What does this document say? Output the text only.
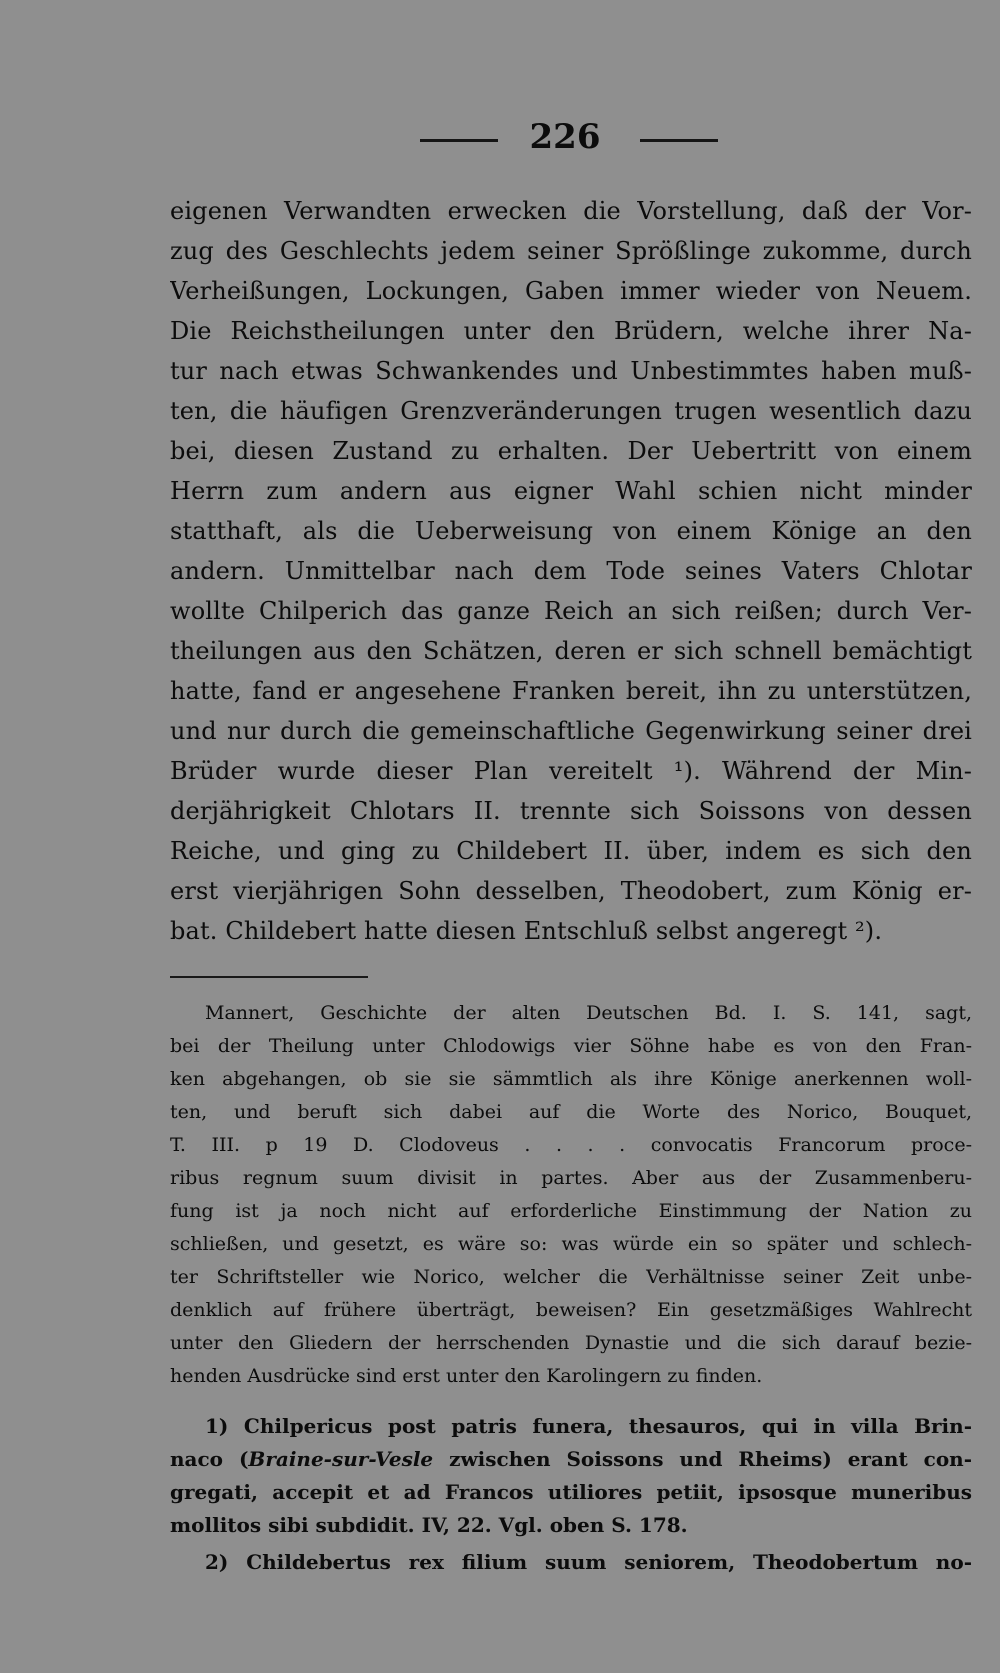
226
eigenen Verwandten erwecken die Vorstellung, daß der Vor-
zug des Geschlechts jedem seiner Sprößlinge zukomme, durch
Verheißungen, Lockungen, Gaben immer wieder von Neuem.
Die Reichstheilungen unter den Brüdern, welche ihrer Na-
tur nach etwas Schwankendes und Unbestimmtes haben muß-
ten, die häufigen Grenzveränderungen trugen wesentlich dazu
bei, diesen Zustand zu erhalten. Der Uebertritt von einem
Herrn zum andern aus eigner Wahl schien nicht minder
statthaft, als die Ueberweisung von einem Könige an den
andern. Unmittelbar nach dem Tode seines Vaters Chlotar
wollte Chilperich das ganze Reich an sich reißen; durch Ver-
theilungen aus den Schätzen, deren er sich schnell bemächtigt
hatte, fand er angesehene Franken bereit, ihn zu unterstützen,
und nur durch die gemeinschaftliche Gegenwirkung seiner drei
Brüder wurde dieser Plan vereitelt ¹). Während der Min-
derjährigkeit Chlotars II. trennte sich Soissons von dessen
Reiche, und ging zu Childebert II. über, indem es sich den
erst vierjährigen Sohn desselben, Theodobert, zum König er-
bat. Childebert hatte diesen Entschluß selbst angeregt ²).
Mannert, Geschichte der alten Deutschen Bd. I. S. 141, sagt,
bei der Theilung unter Chlodowigs vier Söhne habe es von den Fran-
ken abgehangen, ob sie sie sämmtlich als ihre Könige anerkennen woll-
ten, und beruft sich dabei auf die Worte des Norico, Bouquet,
T. III. p 19 D. Clodoveus . . . . convocatis Francorum proce-
ribus regnum suum divisit in partes. Aber aus der Zusammenberu-
fung ist ja noch nicht auf erforderliche Einstimmung der Nation zu
schließen, und gesetzt, es wäre so: was würde ein so später und schlech-
ter Schriftsteller wie Norico, welcher die Verhältnisse seiner Zeit unbe-
denklich auf frühere überträgt, beweisen? Ein gesetzmäßiges Wahlrecht
unter den Gliedern der herrschenden Dynastie und die sich darauf bezie-
henden Ausdrücke sind erst unter den Karolingern zu finden.
1) Chilpericus post patris funera, thesauros, qui in villa Brin-
naco (Braine-sur-Vesle zwischen Soissons und Rheims) erant con-
gregati, accepit et ad Francos utiliores petiit, ipsosque muneribus
mollitos sibi subdidit. IV, 22. Vgl. oben S. 178.
2) Childebertus rex filium suum seniorem, Theodobertum no-
